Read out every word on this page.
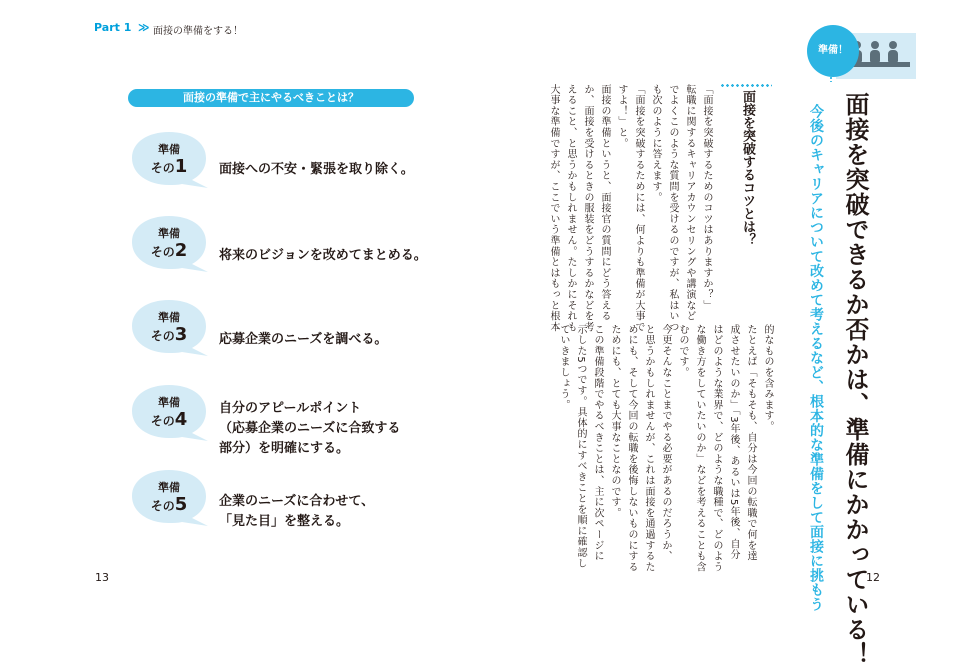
Part 1 ≫ 面接の準備をする！
面接の準備で主にやるべきことは？
準備
その1	面接への不安・緊張を取り除く。
準備
その2	将来のビジョンを改めてまとめる。
準備
その3	応募企業のニーズを調べる。
準備
その4
自分のアピールポイント
（応募企業のニーズに合致する
部分）を明確にする。
準備
その5	企業のニーズに合わせて、
「見た目」を整える。
13
準備！
面接を突破できるか否かは、準備にかかっている！
今後のキャリアについて改めて考えるなど、根本的な準備をして面接に挑もう
面接を突破するコツとは？
「面接を突破するためのコツはありますか？」
転職に関するキャリアカウンセリングや講演など
でよくこのような質問を受けるのですが、私はいつ
も次のように答えます。
「面接を突破するためには、何よりも準備が大事で
すよ！」と。
面接の準備というと、面接官の質問にどう答える
か、面接を受けるときの服装をどうするかなどを考
えること、と思うかもしれません。たしかにそれも
大事な準備ですが、ここでいう準備とはもっと根本
的なものを含みます。
たとえば「そもそも、自分は今回の転職で何を達
成させたいのか」「3年後、あるいは5年後、自分
はどのような業界で、どのような職種で、どのよう
な働き方をしていたいのか」などを考えることも含
むのです。
今更そんなことまでやる必要があるのだろうか、
と思うかもしれませんが、これは面接を通過するた
めにも、そして今回の転職を後悔しないものにする
ためにも、とても大事なことなのです。
この準備段階でやるべきことは、主に次ページに
示した5つです。具体的にすべきことを順に確認し
ていきましょう。
12
